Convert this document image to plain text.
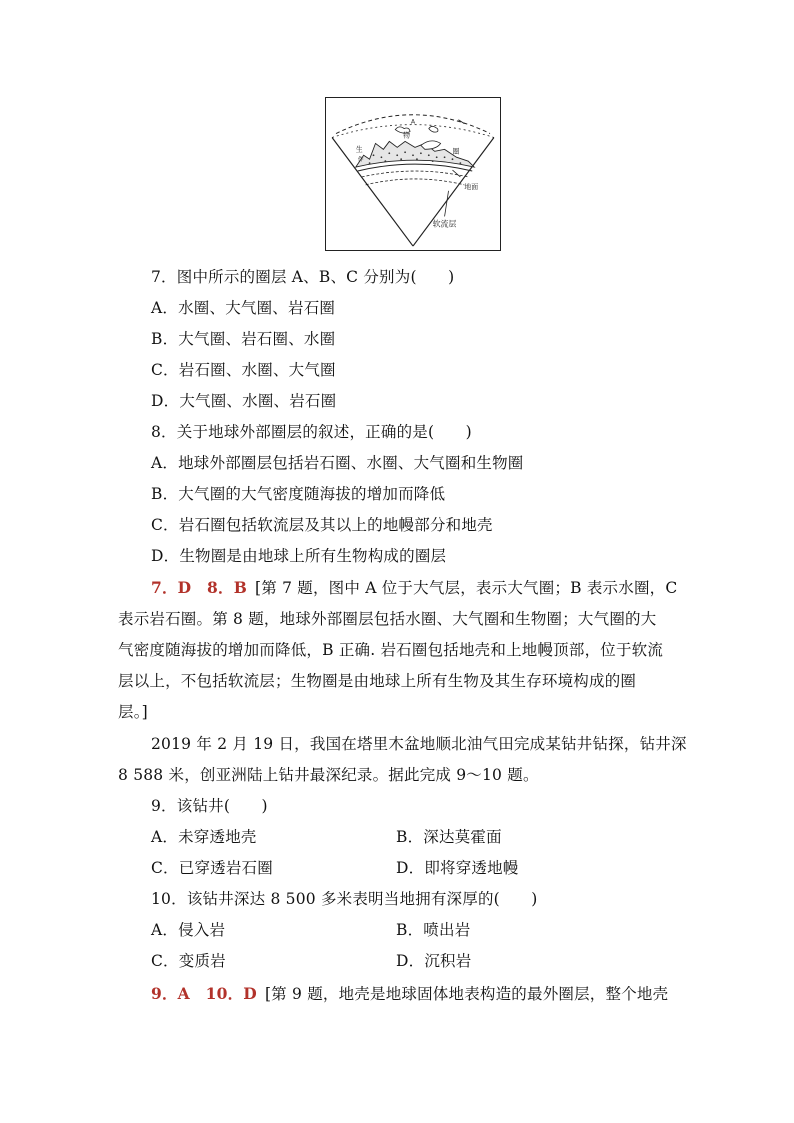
A
物
圈
生
作
地面
软流层
7．图中所示的圈层 A、B、C 分别为(　　)
A．水圈、大气圈、岩石圈
B．大气圈、岩石圈、水圈
C．岩石圈、水圈、大气圈
D．大气圈、水圈、岩石圈
8．关于地球外部圈层的叙述，正确的是(　　)
A．地球外部圈层包括岩石圈、水圈、大气圈和生物圈
B．大气圈的大气密度随海拔的增加而降低
C．岩石圈包括软流层及其以上的地幔部分和地壳
D．生物圈是由地球上所有生物构成的圈层
7．D　8．B [第 7 题，图中 A 位于大气层，表示大气圈；B 表示水圈，C
表示岩石圈。第 8 题，地球外部圈层包括水圈、大气圈和生物圈；大气圈的大
气密度随海拔的增加而降低，B 正确. 岩石圈包括地壳和上地幔顶部，位于软流
层以上，不包括软流层；生物圈是由地球上所有生物及其生存环境构成的圈
层。]
2019 年 2 月 19 日，我国在塔里木盆地顺北油气田完成某钻井钻探，钻井深
8 588 米，创亚洲陆上钻井最深纪录。据此完成 9～10 题。
9．该钻井(　　)
A．未穿透地壳	B．深达莫霍面
C．已穿透岩石圈	D．即将穿透地幔
10．该钻井深达 8 500 多米表明当地拥有深厚的(　　)
A．侵入岩	B．喷出岩
C．变质岩	D．沉积岩
9．A　10．D [第 9 题，地壳是地球固体地表构造的最外圈层，整个地壳
